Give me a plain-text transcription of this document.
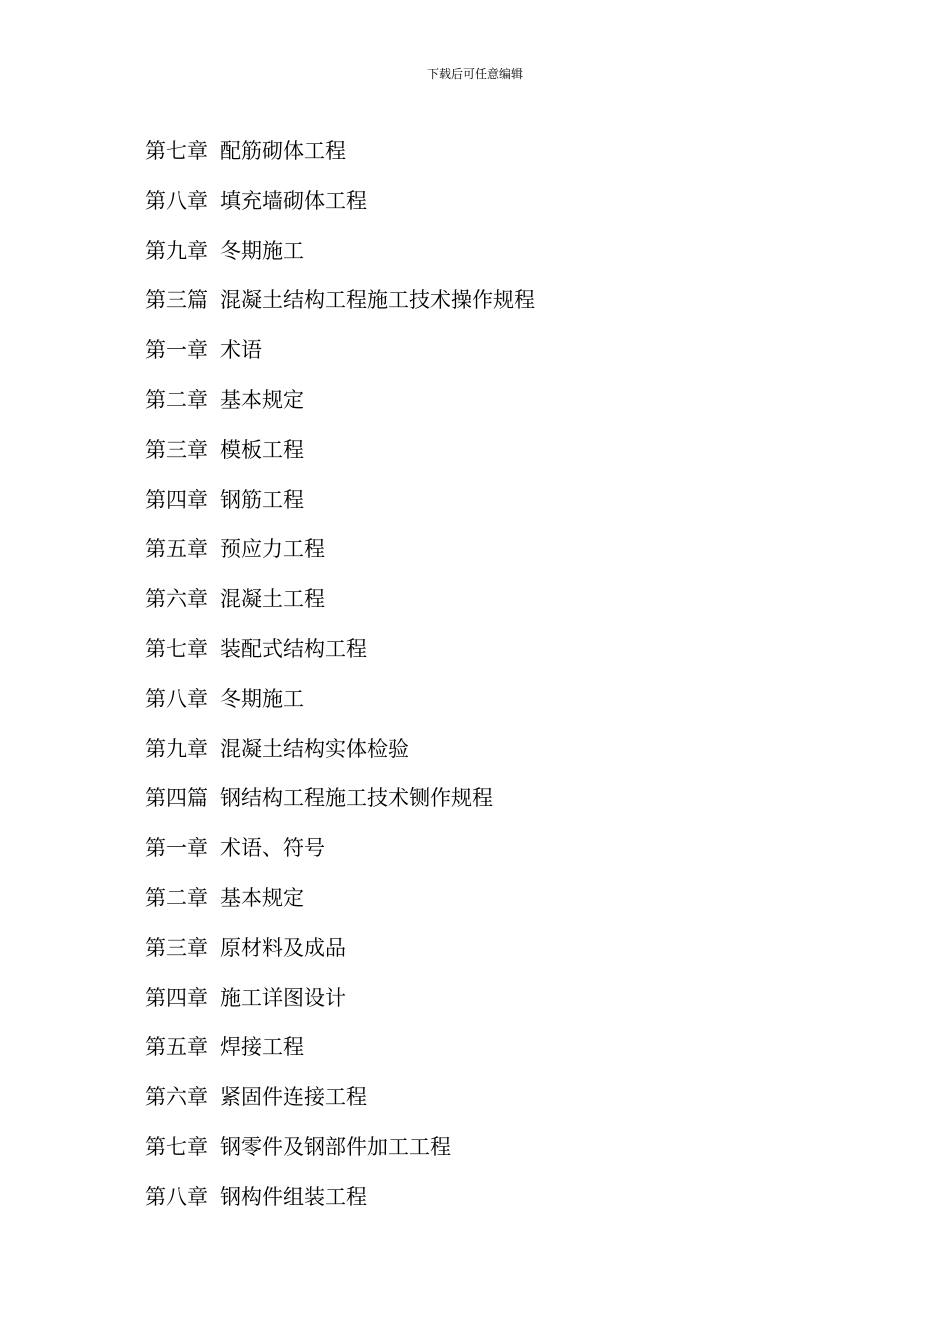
下载后可任意编辑
第七章 配筋砌体工程
第八章 填充墙砌体工程
第九章 冬期施工
第三篇 混凝土结构工程施工技术操作规程
第一章 术语
第二章 基本规定
第三章 模板工程
第四章 钢筋工程
第五章 预应力工程
第六章 混凝土工程
第七章 装配式结构工程
第八章 冬期施工
第九章 混凝土结构实体检验
第四篇 钢结构工程施工技术铡作规程
第一章 术语、符号
第二章 基本规定
第三章 原材料及成品
第四章 施工详图设计
第五章 焊接工程
第六章 紧固件连接工程
第七章 钢零件及钢部件加工工程
第八章 钢构件组装工程
